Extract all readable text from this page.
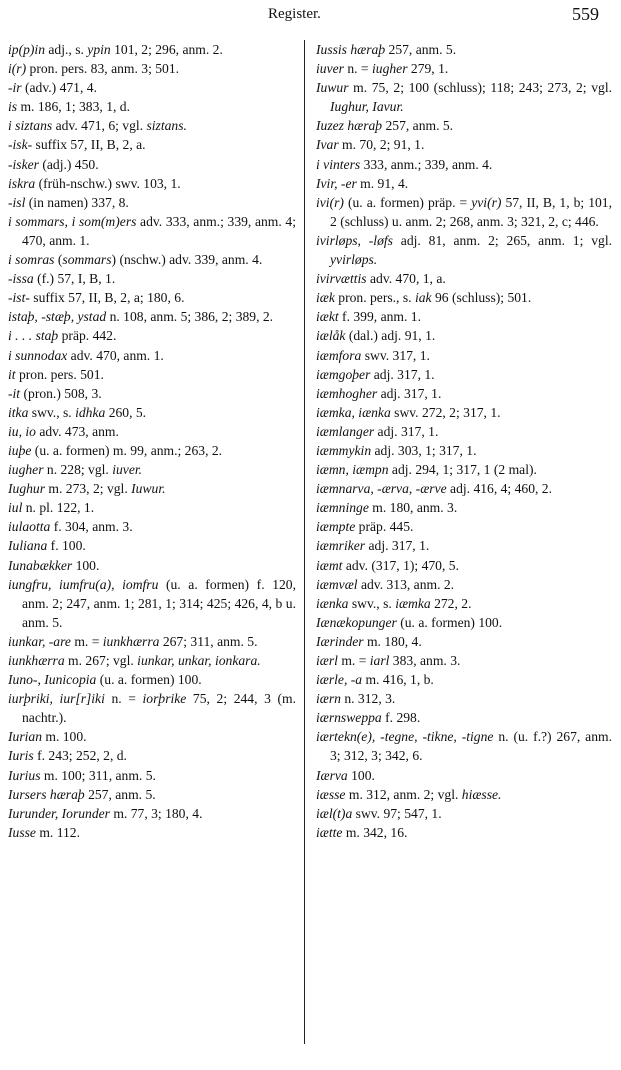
Register.	559

ip(p)in adj., s. ypin 101, 2; 296, anm. 2.

i(r) pron. pers. 83, anm. 3; 501.

-ir (adv.) 471, 4.

is m. 186, 1; 383, 1, d.

i siztans adv. 471, 6; vgl. siztans.

-isk- suffix 57, II, B, 2, a.

-isker (adj.) 450.

iskra (früh-nschw.) swv. 103, 1.

-isl (in namen) 337, 8.

i sommars, i som(m)ers adv. 333, anm.; 339, anm. 4; 470, anm. 1.

i somras (sommars) (nschw.) adv. 339, anm. 4.

-issa (f.) 57, I, B, 1.

-ist- suffix 57, II, B, 2, a; 180, 6.

istaþ, -stæþ, ystad n. 108, anm. 5; 386, 2; 389, 2.

i . . . staþ präp. 442.

i sunnodax adv. 470, anm. 1.

it pron. pers. 501.

-it (pron.) 508, 3.

itka swv., s. idhka 260, 5.

iu, io adv. 473, anm.

iuþe (u. a. formen) m. 99, anm.; 263, 2.

iugher n. 228; vgl. iuver.

Iughur m. 273, 2; vgl. Iuwur.

iul n. pl. 122, 1.

iulaotta f. 304, anm. 3.

Iuliana f. 100.

Iunabækker 100.

iungfru, iumfru(a), iomfru (u. a. formen) f. 120, anm. 2; 247, anm. 1; 281, 1; 314; 425; 426, 4, b u. anm. 5.

iunkar, -are m. = iunkhærra 267; 311, anm. 5.

iunkhærra m. 267; vgl. iunkar, unkar, ionkara.

Iuno-, Iunicopia (u. a. formen) 100.

iurþriki, iur[r]iki n. = iorþrike 75, 2; 244, 3 (m. nachtr.).

Iurian m. 100.

Iuris f. 243; 252, 2, d.

Iurius m. 100; 311, anm. 5.

Iursers hæraþ 257, anm. 5.

Iurunder, Iorunder m. 77, 3; 180, 4.

Iusse m. 112.

Iussis hæraþ 257, anm. 5.

iuver n. = iugher 279, 1.

Iuwur m. 75, 2; 100 (schluss); 118; 243; 273, 2; vgl. Iughur, Iavur.

Iuzez hæraþ 257, anm. 5.

Ivar m. 70, 2; 91, 1.

i vinters 333, anm.; 339, anm. 4.

Ivir, -er m. 91, 4.

ivi(r) (u. a. formen) präp. = yvi(r) 57, II, B, 1, b; 101, 2 (schluss) u. anm. 2; 268, anm. 3; 321, 2, c; 446.

ivirløps, -løfs adj. 81, anm. 2; 265, anm. 1; vgl. yvirløps.

ivirvættis adv. 470, 1, a.

iæk pron. pers., s. iak 96 (schluss); 501.

iækt f. 399, anm. 1.

iælåk (dal.) adj. 91, 1.

iæmfora swv. 317, 1.

iæmgoþer adj. 317, 1.

iæmhogher adj. 317, 1.

iæmka, iænka swv. 272, 2; 317, 1.

iæmlanger adj. 317, 1.

iæmmykin adj. 303, 1; 317, 1.

iæmn, iæmpn adj. 294, 1; 317, 1 (2 mal).

iæmnarva, -ærva, -ærve adj. 416, 4; 460, 2.

iæmninge m. 180, anm. 3.

iæmpte präp. 445.

iæmriker adj. 317, 1.

iæmt adv. (317, 1); 470, 5.

iæmvæl adv. 313, anm. 2.

iænka swv., s. iæmka 272, 2.

Iænækopunger (u. a. formen) 100.

Iærinder m. 180, 4.

iærl m. = iarl 383, anm. 3.

iærle, -a m. 416, 1, b.

iærn n. 312, 3.

iærnsweppa f. 298.

iærtekn(e), -tegne, -tikne, -tigne n. (u. f.?) 267, anm. 3; 312, 3; 342, 6.

Iærva 100.

iæsse m. 312, anm. 2; vgl. hiæsse.

iæl(t)a swv. 97; 547, 1.

iætte m. 342, 16.
